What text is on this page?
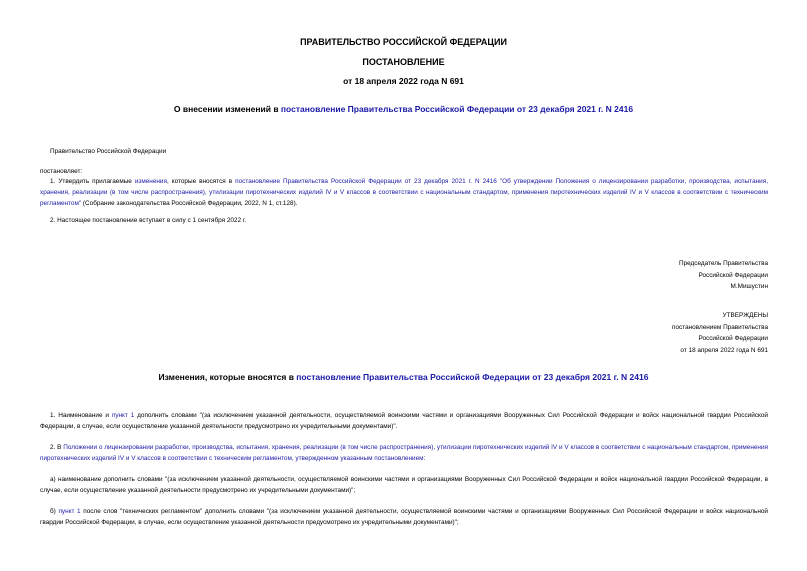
ПРАВИТЕЛЬСТВО РОССИЙСКОЙ ФЕДЕРАЦИИ
ПОСТАНОВЛЕНИЕ
от 18 апреля 2022 года N 691
О внесении изменений в постановление Правительства Российской Федерации от 23 декабря 2021 г. N 2416
Правительство Российской Федерации
постановляет:
1. Утвердить прилагаемые изменения, которые вносятся в постановление Правительства Российской Федерации от 23 декабря 2021 г. N 2416 "Об утверждении Положения о лицензировании разработки, производства, испытания, хранения, реализации (в том числе распространения), утилизации пиротехнических изделий IV и V классов в соответствии с национальным стандартом, применения пиротехнических изделий IV и V классов в соответствии с техническим регламентом" (Собрание законодательства Российской Федерации, 2022, N 1, ст.128).
2. Настоящее постановление вступает в силу с 1 сентября 2022 г.
Председатель Правительства
Российской Федерации
М.Мишустин
УТВЕРЖДЕНЫ
постановлением Правительства
Российской Федерации
от 18 апреля 2022 года N 691
Изменения, которые вносятся в постановление Правительства Российской Федерации от 23 декабря 2021 г. N 2416
1. Наименование и пункт 1 дополнить словами "(за исключением указанной деятельности, осуществляемой воинскими частями и организациями Вооруженных Сил Российской Федерации и войск национальной гвардии Российской Федерации, в случае, если осуществление указанной деятельности предусмотрено их учредительными документами)".
2. В Положении о лицензировании разработки, производства, испытания, хранения, реализации (в том числе распространения), утилизации пиротехнических изделий IV и V классов в соответствии с национальным стандартом, применения пиротехнических изделий IV и V классов в соответствии с техническим регламентом, утвержденном указанным постановлением:
а) наименование дополнить словами "(за исключением указанной деятельности, осуществляемой воинскими частями и организациями Вооруженных Сил Российской Федерации и войск национальной гвардии Российской Федерации, в случае, если осуществление указанной деятельности предусмотрено их учредительными документами)";
б) пункт 1 после слов "технических регламентом" дополнить словами "(за исключением указанной деятельности, осуществляемой воинскими частями и организациями Вооруженных Сил Российской Федерации и войск национальной гвардии Российской Федерации, в случае, если осуществление указанной деятельности предусмотрено их учредительными документами)";
